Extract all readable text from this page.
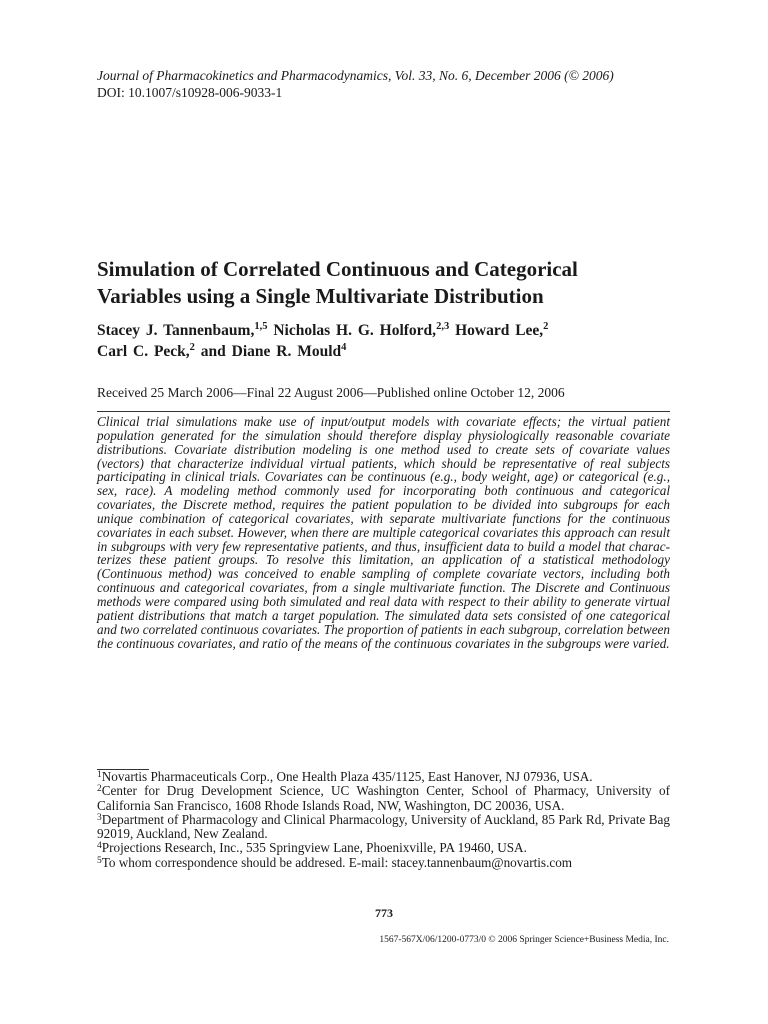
Journal of Pharmacokinetics and Pharmacodynamics, Vol. 33, No. 6, December 2006 (© 2006)
DOI: 10.1007/s10928-006-9033-1
Simulation of Correlated Continuous and Categorical
Variables using a Single Multivariate Distribution
Stacey J. Tannenbaum,$^{1,5}$ Nicholas H. G. Holford,$^{2,3}$ Howard Lee,$^2$
Carl C. Peck,$^2$ and Diane R. Mould$^4$
Received 25 March 2006—Final 22 August 2006—Published online October 12, 2006

Clinical trial simulations make use of input/output models with covariate effects; the virtual patient population generated for the simulation should therefore display physiologically reasonable covariate distributions. Covariate distribution modeling is one method used to create sets of covariate values (vectors) that characterize individual virtual patients, which should be representative of real subjects participating in clinical trials. Covariates can be continuous (e.g., body weight, age) or categorical (e.g., sex, race). A modeling method commonly used for incorporating both continuous and categorical covariates, the Discrete method, requires the patient population to be divided into subgroups for each unique combination of categorical covariates, with separate multivariate functions for the continuous covariates in each subset. However, when there are multiple categorical covariates this approach can result in subgroups with very few representative patients, and thus, insufficient data to build a model that characterizes these patient groups. To resolve this limitation, an application of a statistical methodology (Continuous method) was conceived to enable sampling of complete covariate vectors, including both continuous and categorical covariates, from a single multivariate function. The Discrete and Continuous methods were compared using both simulated and real data with respect to their ability to generate virtual patient distributions that match a target population. The simulated data sets consisted of one categorical and two correlated continuous covariates. The proportion of patients in each subgroup, correlation between the continuous covariates, and ratio of the means of the continuous covariates in the subgroups were varied.

$^1$Novartis Pharmaceuticals Corp., One Health Plaza 435/1125, East Hanover, NJ 07936, USA.

$^2$Center for Drug Development Science, UC Washington Center, School of Pharmacy, University of California San Francisco, 1608 Rhode Islands Road, NW, Washington, DC 20036, USA.

$^3$Department of Pharmacology and Clinical Pharmacology, University of Auckland, 85 Park Rd, Private Bag 92019, Auckland, New Zealand.

$^4$Projections Research, Inc., 535 Springview Lane, Phoenixville, PA 19460, USA.

$^5$To whom correspondence should be addresed. E-mail: stacey.tannenbaum@novartis.com

773
1567-567X/06/1200-0773/0 © 2006 Springer Science+Business Media, Inc.
